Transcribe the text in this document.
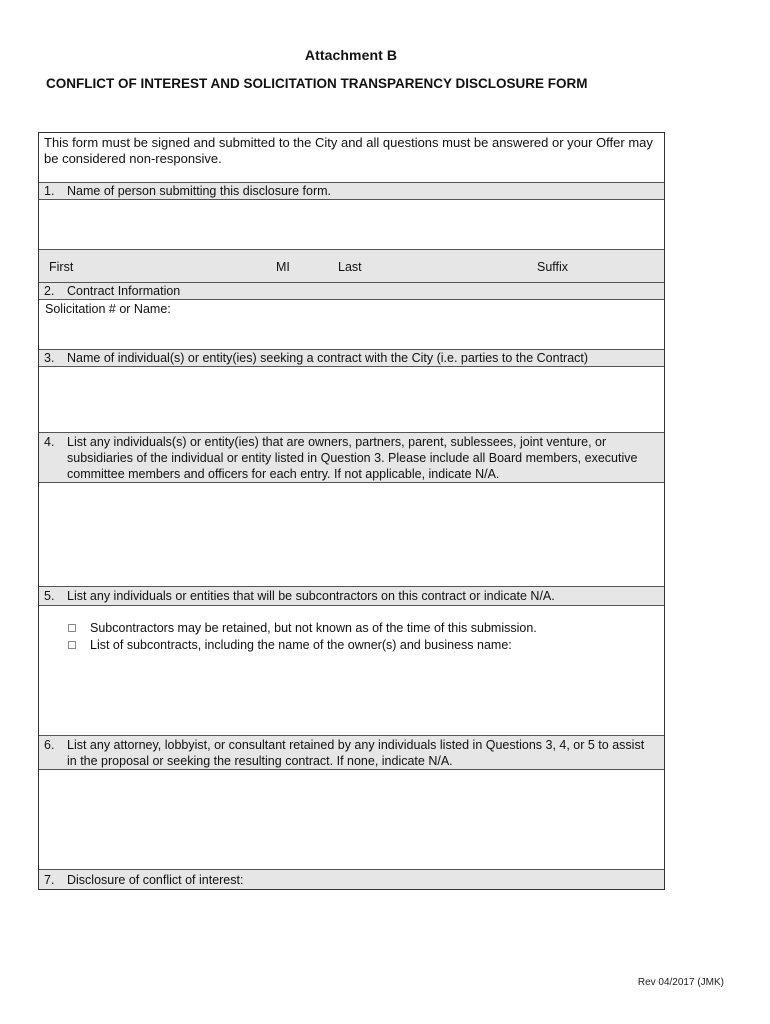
Attachment B
CONFLICT OF INTEREST AND SOLICITATION TRANSPARENCY DISCLOSURE FORM
This form must be signed and submitted to the City and all questions must be answered or your Offer may be considered non-responsive.
1. Name of person submitting this disclosure form.
First	MI	Last	Suffix
2. Contract Information
Solicitation # or Name:
3. Name of individual(s) or entity(ies) seeking a contract with the City (i.e. parties to the Contract)
4. List any individuals(s) or entity(ies) that are owners, partners, parent, sublessees, joint venture, or subsidiaries of the individual or entity listed in Question 3. Please include all Board members, executive committee members and officers for each entry. If not applicable, indicate N/A.
5. List any individuals or entities that will be subcontractors on this contract or indicate N/A.
Subcontractors may be retained, but not known as of the time of this submission.
List of subcontracts, including the name of the owner(s) and business name:
6. List any attorney, lobbyist, or consultant retained by any individuals listed in Questions 3, 4, or 5 to assist in the proposal or seeking the resulting contract. If none, indicate N/A.
7. Disclosure of conflict of interest:
Rev 04/2017 (JMK)
